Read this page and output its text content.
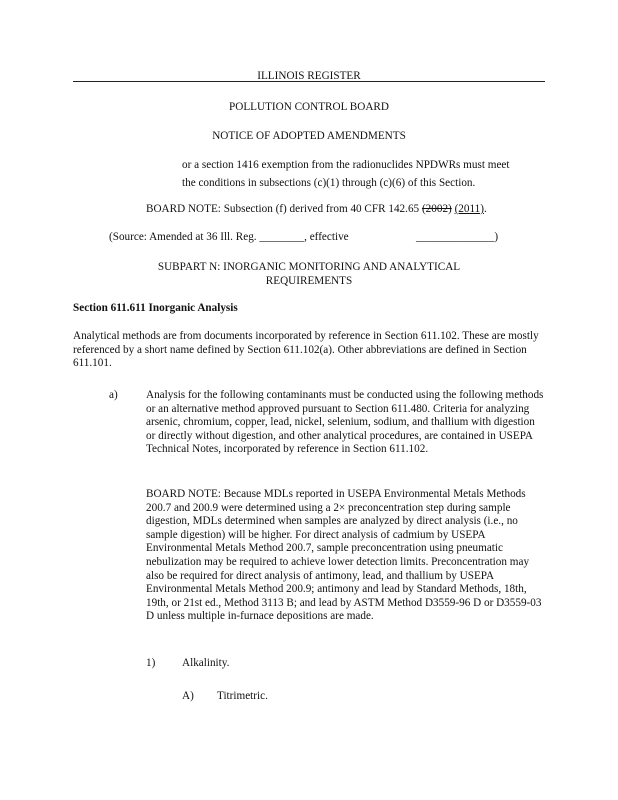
ILLINOIS REGISTER
POLLUTION CONTROL BOARD
NOTICE OF ADOPTED AMENDMENTS
or a section 1416 exemption from the radionuclides NPDWRs must meet
the conditions in subsections (c)(1) through (c)(6) of this Section.
BOARD NOTE: Subsection (f) derived from 40 CFR 142.65 (2002) (2011).
(Source: Amended at 36 Ill. Reg. ________, effective	______________)
SUBPART N: INORGANIC MONITORING AND ANALYTICAL
REQUIREMENTS
Section 611.611 Inorganic Analysis
Analytical methods are from documents incorporated by reference in Section 611.102. These are mostly referenced by a short name defined by Section 611.102(a). Other abbreviations are defined in Section 611.101.
a)	Analysis for the following contaminants must be conducted using the following methods or an alternative method approved pursuant to Section 611.480. Criteria for analyzing arsenic, chromium, copper, lead, nickel, selenium, sodium, and thallium with digestion or directly without digestion, and other analytical procedures, are contained in USEPA Technical Notes, incorporated by reference in Section 611.102.
BOARD NOTE: Because MDLs reported in USEPA Environmental Metals Methods 200.7 and 200.9 were determined using a 2× preconcentration step during sample digestion, MDLs determined when samples are analyzed by direct analysis (i.e., no sample digestion) will be higher. For direct analysis of cadmium by USEPA Environmental Metals Method 200.7, sample preconcentration using pneumatic nebulization may be required to achieve lower detection limits. Preconcentration may also be required for direct analysis of antimony, lead, and thallium by USEPA Environmental Metals Method 200.9; antimony and lead by Standard Methods, 18th, 19th, or 21st ed., Method 3113 B; and lead by ASTM Method D3559-96 D or D3559-03 D unless multiple in-furnace depositions are made.
1) Alkalinity.
A) Titrimetric.
